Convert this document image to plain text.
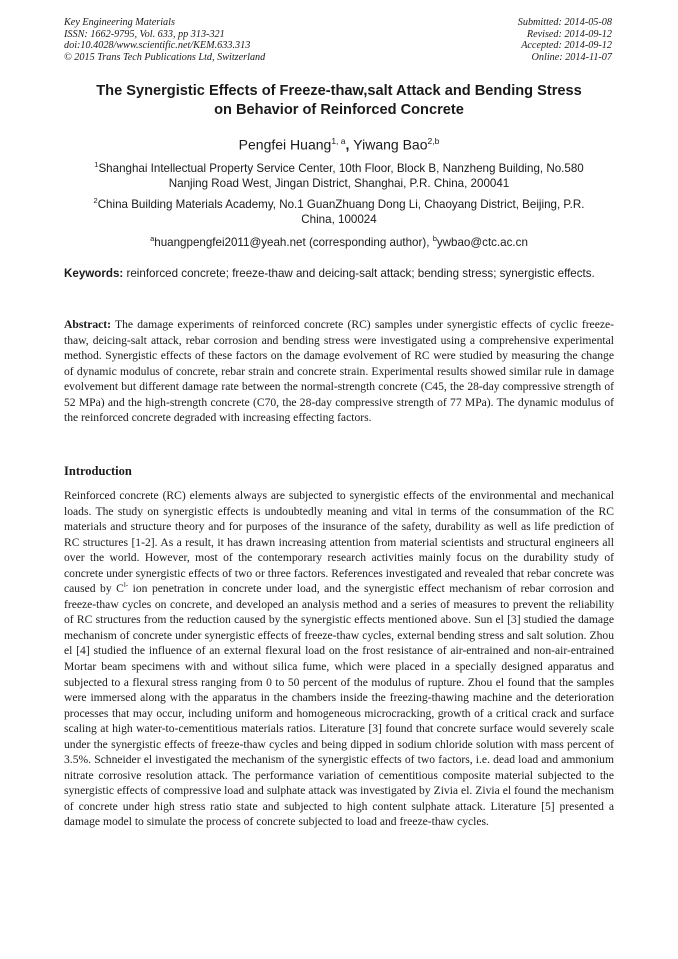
Key Engineering Materials
ISSN: 1662-9795, Vol. 633, pp 313-321
doi:10.4028/www.scientific.net/KEM.633.313
© 2015 Trans Tech Publications Ltd, Switzerland
Submitted: 2014-05-08
Revised: 2014-09-12
Accepted: 2014-09-12
Online: 2014-11-07
The Synergistic Effects of Freeze-thaw,salt Attack and Bending Stress
on Behavior of Reinforced Concrete
Pengfei Huang$^{1, a}$, Yiwang Bao$^{2,b}$
$^1$Shanghai Intellectual Property Service Center, 10th Floor, Block B, Nanzheng Building, No.580
Nanjing Road West, Jingan District, Shanghai, P.R. China, 200041
$^2$China Building Materials Academy, No.1 GuanZhuang Dong Li, Chaoyang District, Beijing, P.R.
China, 100024
$^a$huangpengfei2011@yeah.net (corresponding author), $^b$ywbao@ctc.ac.cn
Keywords: reinforced concrete; freeze-thaw and deicing-salt attack; bending stress; synergistic effects.
Abstract: The damage experiments of reinforced concrete (RC) samples under synergistic effects of cyclic freeze-thaw, deicing-salt attack, rebar corrosion and bending stress were investigated using a comprehensive experimental method. Synergistic effects of these factors on the damage evolvement of RC were studied by measuring the change of dynamic modulus of concrete, rebar strain and concrete strain. Experimental results showed similar rule in damage evolvement but different damage rate between the normal-strength concrete (C45, the 28-day compressive strength of 52 MPa) and the high-strength concrete (C70, the 28-day compressive strength of 77 MPa). The dynamic modulus of the reinforced concrete degraded with increasing effecting factors.
Introduction
Reinforced concrete (RC) elements always are subjected to synergistic effects of the environmental and mechanical loads. The study on synergistic effects is undoubtedly meaning and vital in terms of the consummation of the RC materials and structure theory and for purposes of the insurance of the safety, durability as well as life prediction of RC structures [1-2]. As a result, it has drawn increasing attention from material scientists and structural engineers all over the world. However, most of the contemporary research activities mainly focus on the durability study of concrete under synergistic effects of two or three factors. References investigated and revealed that rebar concrete was caused by $C^{l-}$ ion penetration in concrete under load, and the synergistic effect mechanism of rebar corrosion and freeze-thaw cycles on concrete, and developed an analysis method and a series of measures to prevent the reliability of RC structures from the reduction caused by the synergistic effects mentioned above. Sun el [3] studied the damage mechanism of concrete under synergistic effects of freeze-thaw cycles, external bending stress and salt solution. Zhou el [4] studied the influence of an external flexural load on the frost resistance of air-entrained and non-air-entrained Mortar beam specimens with and without silica fume, which were placed in a specially designed apparatus and subjected to a flexural stress ranging from 0 to 50 percent of the modulus of rupture. Zhou el found that the samples were immersed along with the apparatus in the chambers inside the freezing-thawing machine and the deterioration processes that may occur, including uniform and homogeneous microcracking, growth of a critical crack and surface scaling at high water-to-cementitious materials ratios. Literature [3] found that concrete surface would severely scale under the synergistic effects of freeze-thaw cycles and being dipped in sodium chloride solution with mass percent of 3.5%. Schneider el investigated the mechanism of the synergistic effects of two factors, i.e. dead load and ammonium nitrate corrosive resolution attack. The performance variation of cementitious composite material subjected to the synergistic effects of compressive load and sulphate attack was investigated by Zivia el. Zivia el found the mechanism of concrete under high stress ratio state and subjected to high content sulphate attack. Literature [5] presented a damage model to simulate the process of concrete subjected to load and freeze-thaw cycles.
